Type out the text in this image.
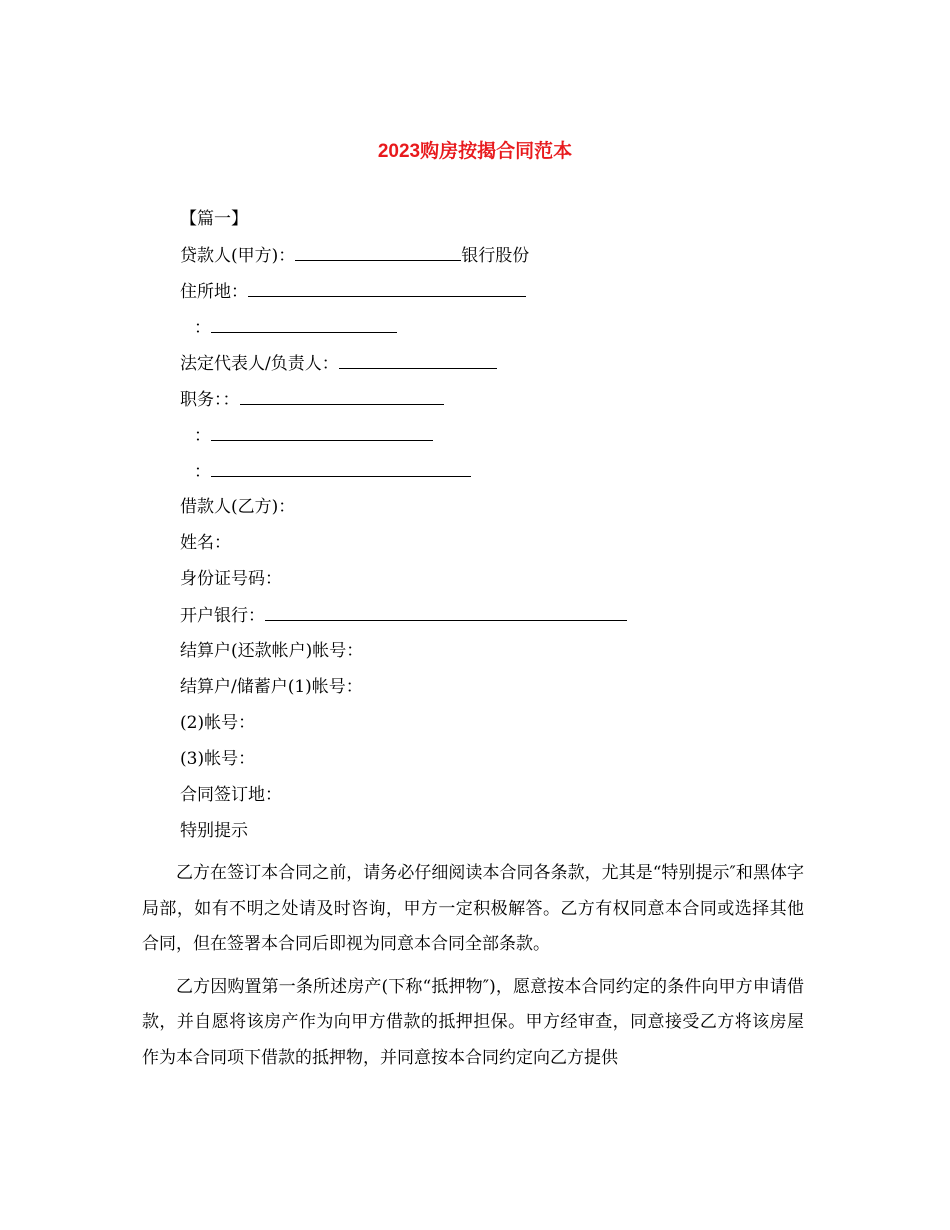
2023购房按揭合同范本
【篇一】
贷款人(甲方)：	银行股份
住所地：
：
法定代表人/负责人：
职务：：
：
：
借款人(乙方)：
姓名：
身份证号码：
开户银行：
结算户(还款帐户)帐号：
结算户/储蓄户(1)帐号：
(2)帐号：
(3)帐号：
合同签订地：
特别提示

乙方在签订本合同之前，请务必仔细阅读本合同各条款，尤其是“特别提示″和黑体字局部，如有不明之处请及时咨询，甲方一定积极解答。乙方有权同意本合同或选择其他合同，但在签署本合同后即视为同意本合同全部条款。

乙方因购置第一条所述房产(下称“抵押物″)，愿意按本合同约定的条件向甲方申请借款，并自愿将该房产作为向甲方借款的抵押担保。甲方经审查，同意接受乙方将该房屋作为本合同项下借款的抵押物，并同意按本合同约定向乙方提供
